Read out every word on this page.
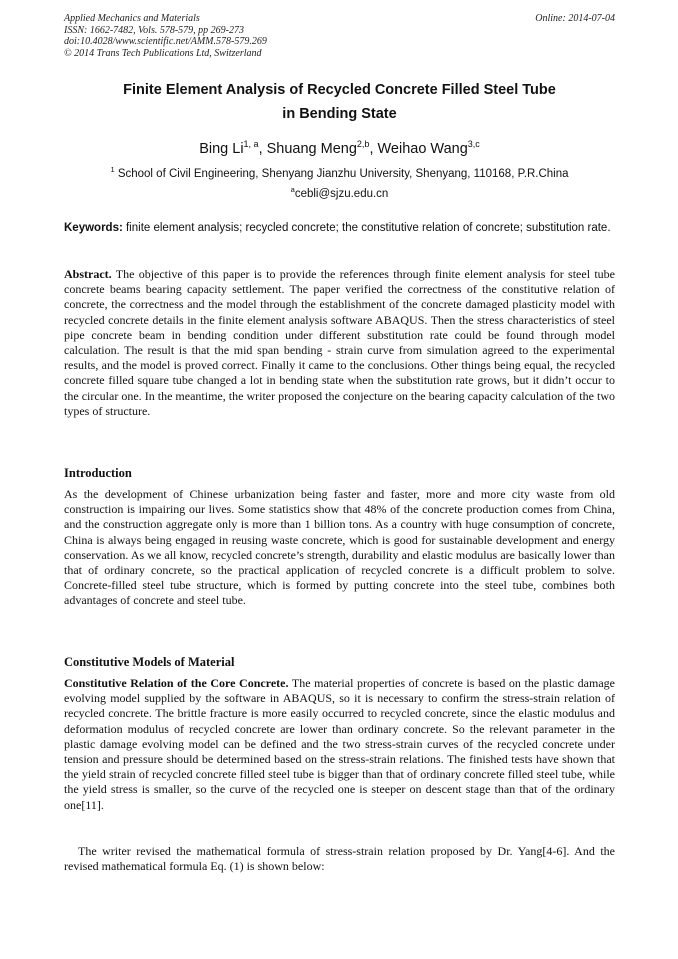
Applied Mechanics and Materials
ISSN: 1662-7482, Vols. 578-579, pp 269-273
doi:10.4028/www.scientific.net/AMM.578-579.269
© 2014 Trans Tech Publications Ltd, Switzerland
Online: 2014-07-04
Finite Element Analysis of Recycled Concrete Filled Steel Tube
in Bending State
Bing Li$^{1, a}$, Shuang Meng$^{2,b}$, Weihao Wang$^{3,c}$
$^1$ School of Civil Engineering, Shenyang Jianzhu University, Shenyang, 110168, P.R.China
$^a$cebli@sjzu.edu.cn
Keywords: finite element analysis; recycled concrete; the constitutive relation of concrete; substitution rate.
Abstract. The objective of this paper is to provide the references through finite element analysis for steel tube concrete beams bearing capacity settlement. The paper verified the correctness of the constitutive relation of concrete, the correctness and the model through the establishment of the concrete damaged plasticity model with recycled concrete details in the finite element analysis software ABAQUS. Then the stress characteristics of steel pipe concrete beam in bending condition under different substitution rate could be found through model calculation. The result is that the mid span bending - strain curve from simulation agreed to the experimental results, and the model is proved correct. Finally it came to the conclusions. Other things being equal, the recycled concrete filled square tube changed a lot in bending state when the substitution rate grows, but it didn’t occur to the circular one. In the meantime, the writer proposed the conjecture on the bearing capacity calculation of the two types of structure.
Introduction
As the development of Chinese urbanization being faster and faster, more and more city waste from old construction is impairing our lives. Some statistics show that 48% of the concrete production comes from China, and the construction aggregate only is more than 1 billion tons. As a country with huge consumption of concrete, China is always being engaged in reusing waste concrete, which is good for sustainable development and energy conservation. As we all know, recycled concrete’s strength, durability and elastic modulus are basically lower than that of ordinary concrete, so the practical application of recycled concrete is a difficult problem to solve. Concrete-filled steel tube structure, which is formed by putting concrete into the steel tube, combines both advantages of concrete and steel tube.
Constitutive Models of Material
Constitutive Relation of the Core Concrete. The material properties of concrete is based on the plastic damage evolving model supplied by the software in ABAQUS, so it is necessary to confirm the stress-strain relation of recycled concrete. The brittle fracture is more easily occurred to recycled concrete, since the elastic modulus and deformation modulus of recycled concrete are lower than ordinary concrete. So the relevant parameter in the plastic damage evolving model can be defined and the two stress-strain curves of the recycled concrete under tension and pressure should be determined based on the stress-strain relations. The finished tests have shown that the yield strain of recycled concrete filled steel tube is bigger than that of ordinary concrete filled steel tube, while the yield stress is smaller, so the curve of the recycled one is steeper on descent stage than that of the ordinary one[11].
The writer revised the mathematical formula of stress-strain relation proposed by Dr. Yang[4-6]. And the revised mathematical formula Eq. (1) is shown below:
